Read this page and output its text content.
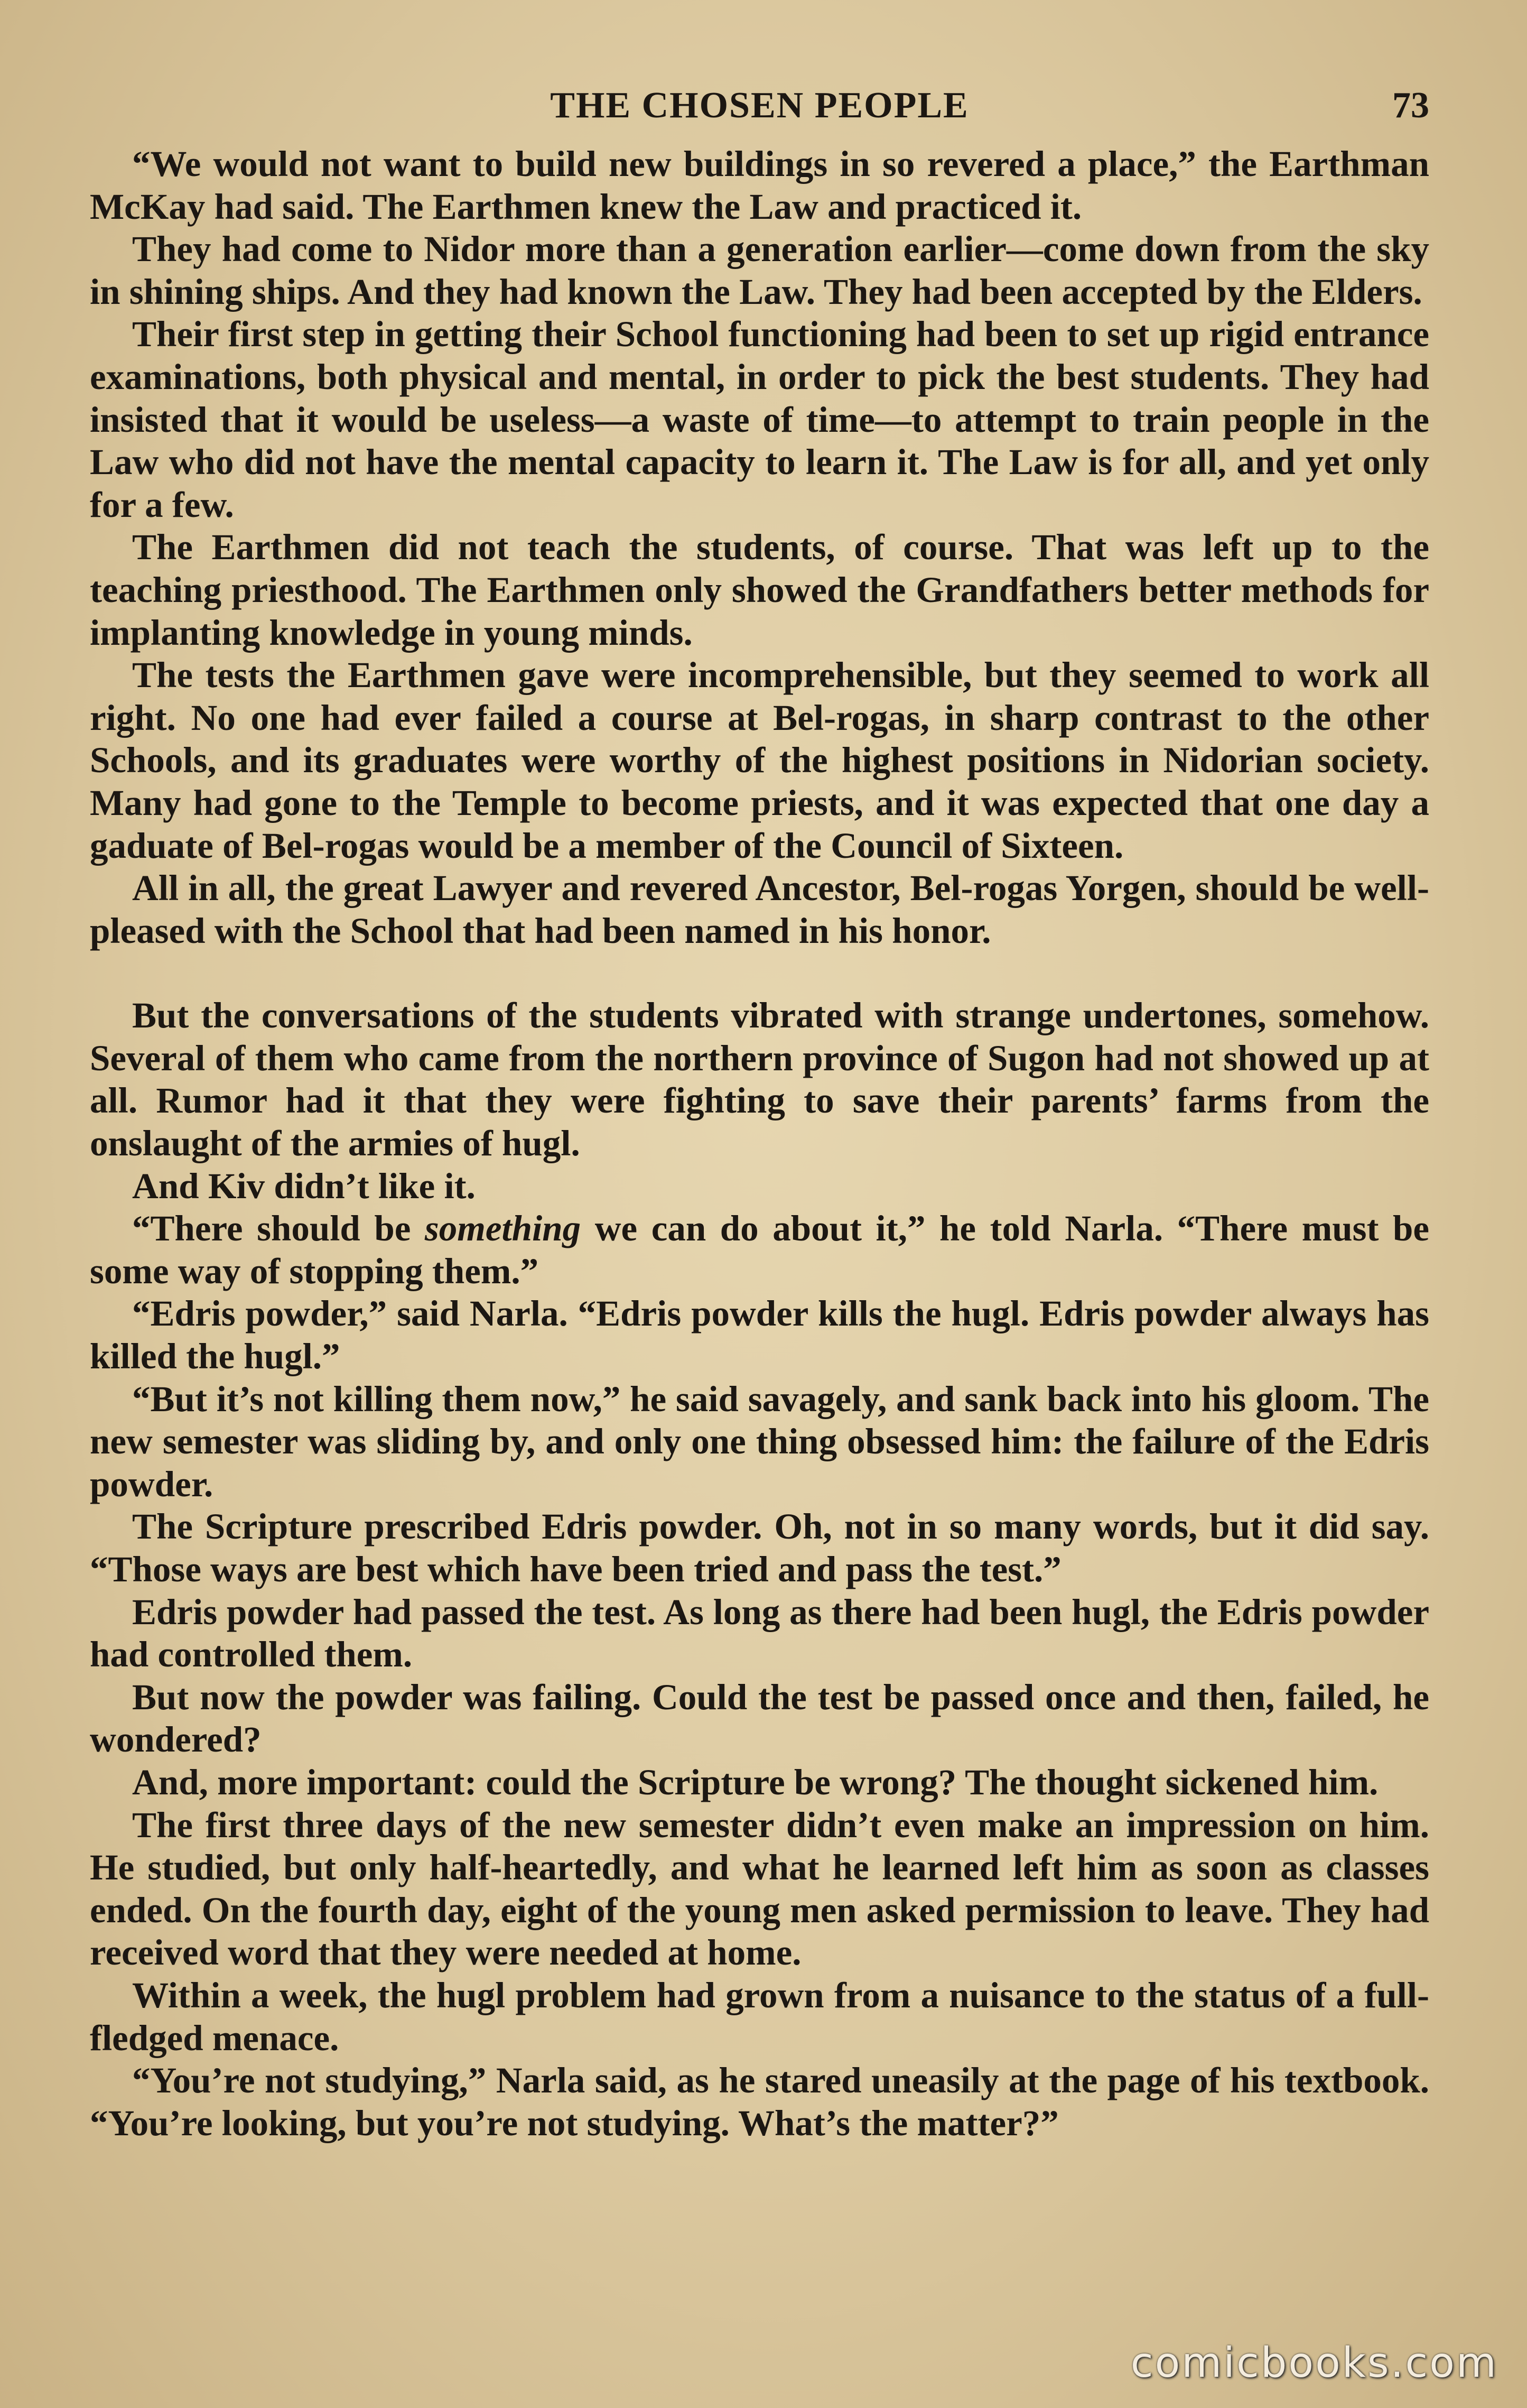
THE CHOSEN PEOPLE	73

“We would not want to build new buildings in so revered a place,” the Earthman McKay had said. The Earthmen knew the Law and practiced it.

They had come to Nidor more than a generation earlier—come down from the sky in shining ships. And they had known the Law. They had been accepted by the Elders.

Their first step in getting their School functioning had been to set up rigid entrance examinations, both physical and mental, in order to pick the best students. They had insisted that it would be useless—a waste of time—to attempt to train people in the Law who did not have the mental capacity to learn it. The Law is for all, and yet only for a few.

The Earthmen did not teach the students, of course. That was left up to the teaching priesthood. The Earthmen only showed the Grandfathers better methods for implanting knowledge in young minds.

The tests the Earthmen gave were incomprehensible, but they seemed to work all right. No one had ever failed a course at Bel-rogas, in sharp contrast to the other Schools, and its graduates were worthy of the highest positions in Nidorian society. Many had gone to the Temple to become priests, and it was expected that one day a gaduate of Bel-rogas would be a member of the Council of Sixteen.

All in all, the great Lawyer and revered Ancestor, Bel-rogas Yorgen, should be well-pleased with the School that had been named in his honor.

But the conversations of the students vibrated with strange undertones, somehow. Several of them who came from the northern province of Sugon had not showed up at all. Rumor had it that they were fighting to save their parents’ farms from the onslaught of the armies of hugl.

And Kiv didn’t like it.

“There should be something we can do about it,” he told Narla. “There must be some way of stopping them.”

“Edris powder,” said Narla. “Edris powder kills the hugl. Edris powder always has killed the hugl.”

“But it’s not killing them now,” he said savagely, and sank back into his gloom. The new semester was sliding by, and only one thing obsessed him: the failure of the Edris powder.

The Scripture prescribed Edris powder. Oh, not in so many words, but it did say. “Those ways are best which have been tried and pass the test.”

Edris powder had passed the test. As long as there had been hugl, the Edris powder had controlled them.

But now the powder was failing. Could the test be passed once and then, failed, he wondered?

And, more important: could the Scripture be wrong? The thought sickened him.

The first three days of the new semester didn’t even make an impression on him. He studied, but only half-heartedly, and what he learned left him as soon as classes ended. On the fourth day, eight of the young men asked permission to leave. They had received word that they were needed at home.

Within a week, the hugl problem had grown from a nuisance to the status of a full-fledged menace.

“You’re not studying,” Narla said, as he stared uneasily at the page of his textbook. “You’re looking, but you’re not studying. What’s the matter?”

comicbooks.com
